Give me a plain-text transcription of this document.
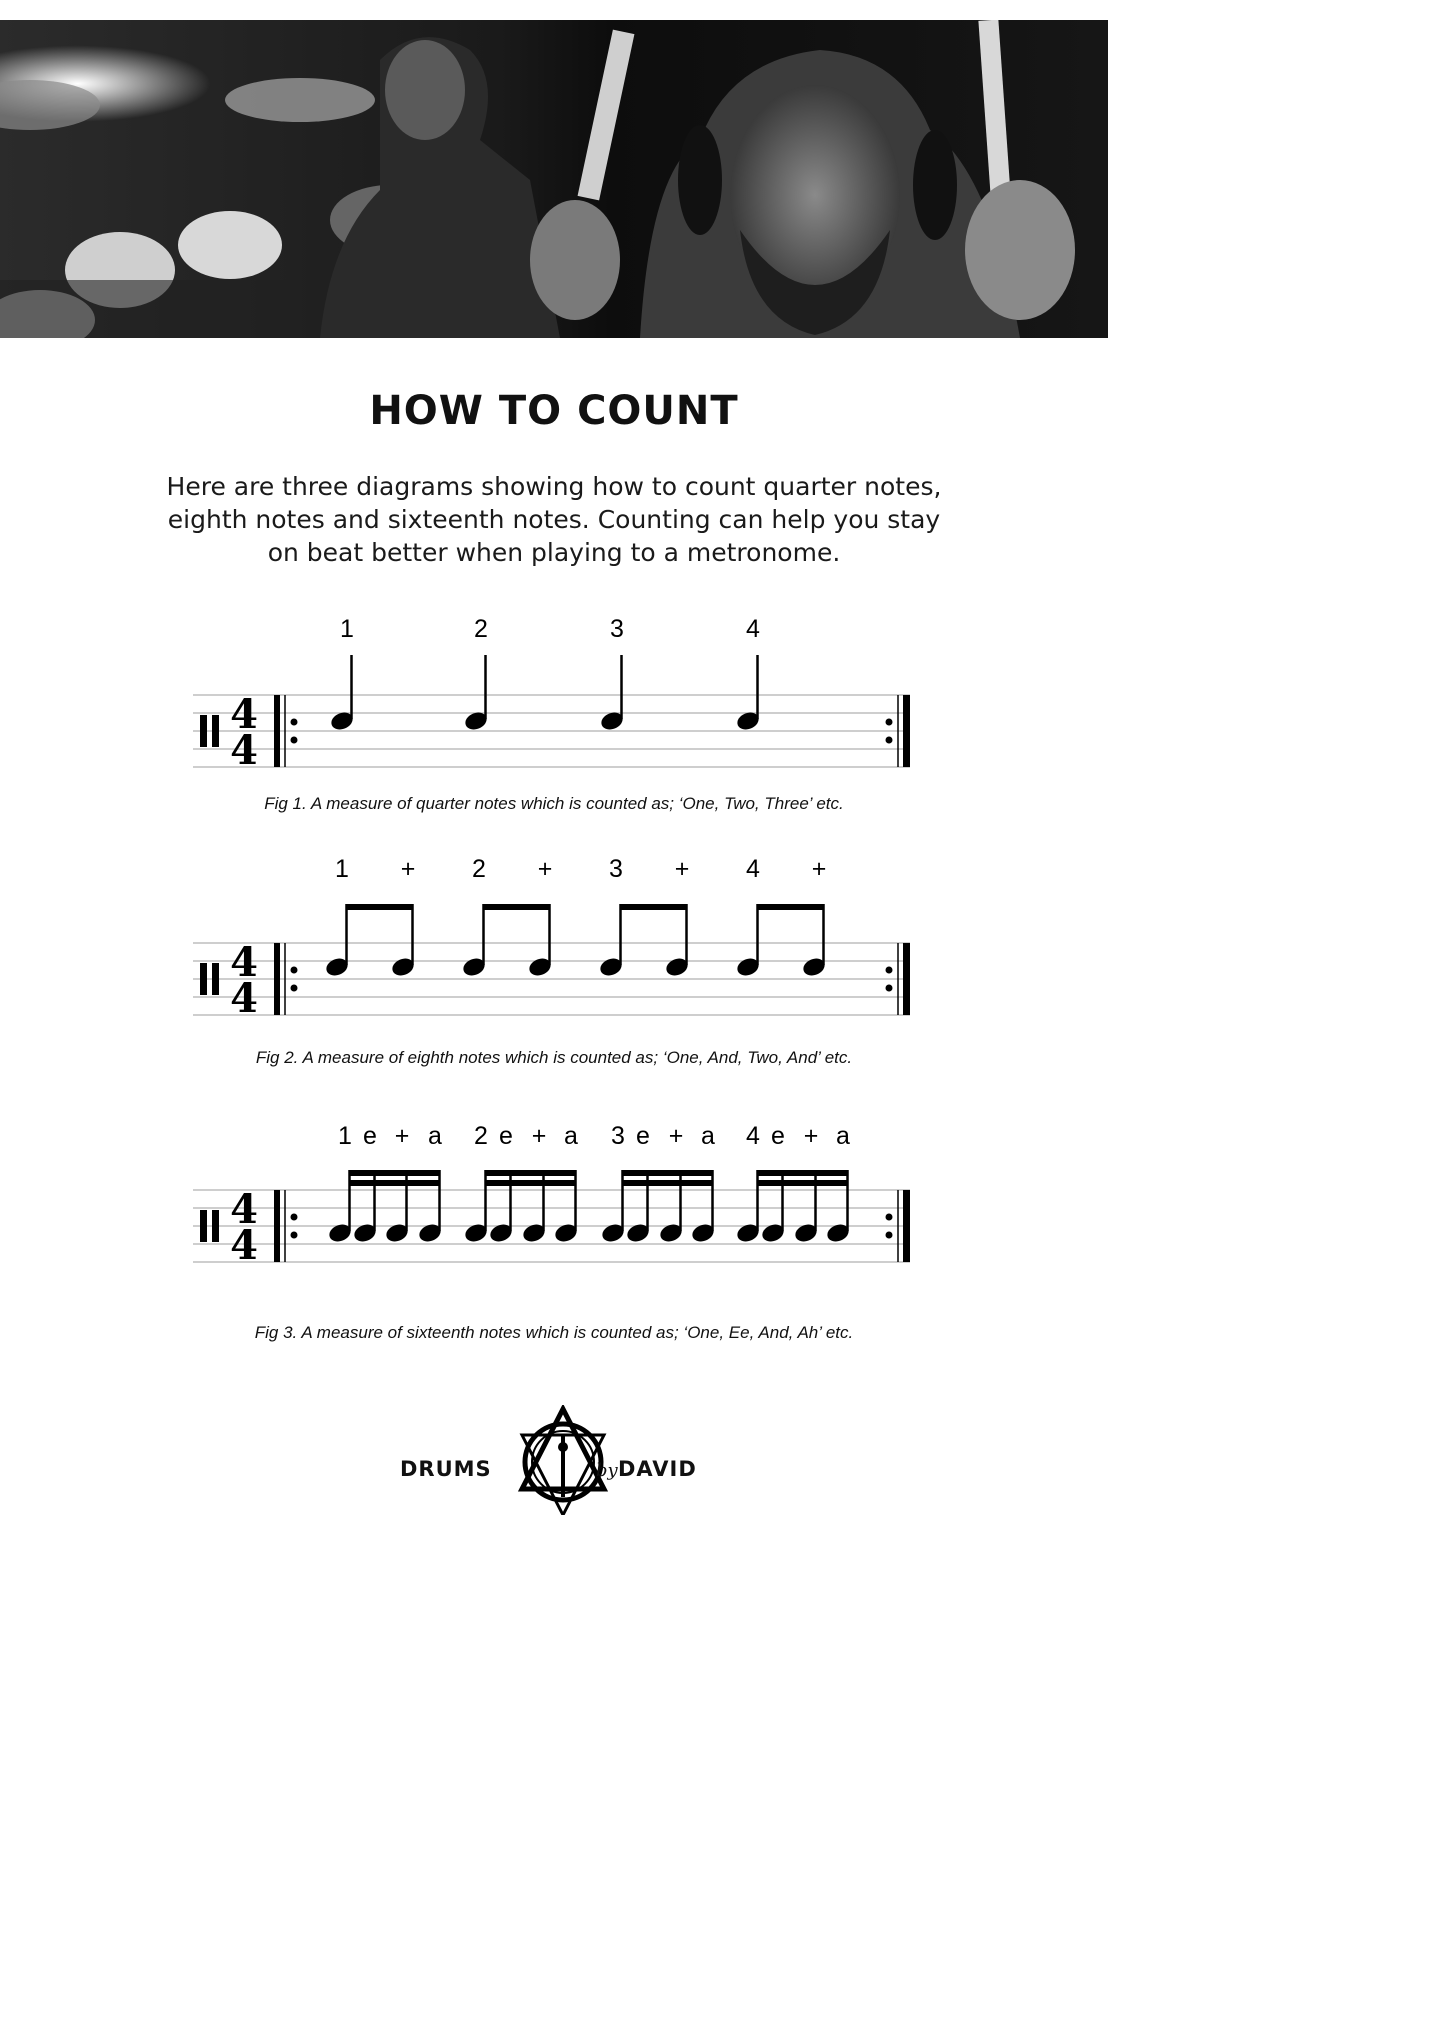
HOW TO COUNT

Here are three diagrams showing how to count quarter notes,
eighth notes and sixteenth notes. Counting can help you stay
on beat better when playing to a metronome.

4
4
1	2	3	4
Fig 1. A measure of quarter notes which is counted as; ‘One, Two, Three’ etc.
4
4
1 + 2 + 3 + 4 +
Fig 2. A measure of eighth notes which is counted as; ‘One, And, Two, And’ etc.
4
4
1 e + a 2 e + a 3 e + a 4 e + a
Fig 3. A measure of sixteenth notes which is counted as; ‘One, Ee, And, Ah’ etc.
DRUMS	by DAVID
